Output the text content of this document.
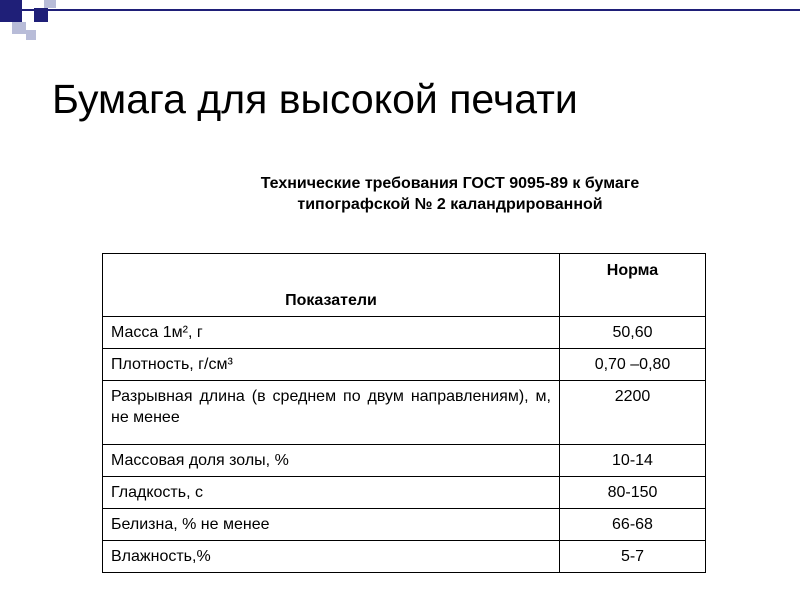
Бумага для высокой печати
Технические требования ГОСТ 9095-89 к бумаге
типографской № 2 каландрированной
Показатели	Норма
Масса 1м², г	50,60
Плотность, г/см³	0,70 –0,80
Разрывная длина (в среднем по двум направлениям), м, не менее	2200
Массовая доля золы, %	10-14
Гладкость, с	80-150
Белизна, % не менее	66-68
Влажность,%	5-7
